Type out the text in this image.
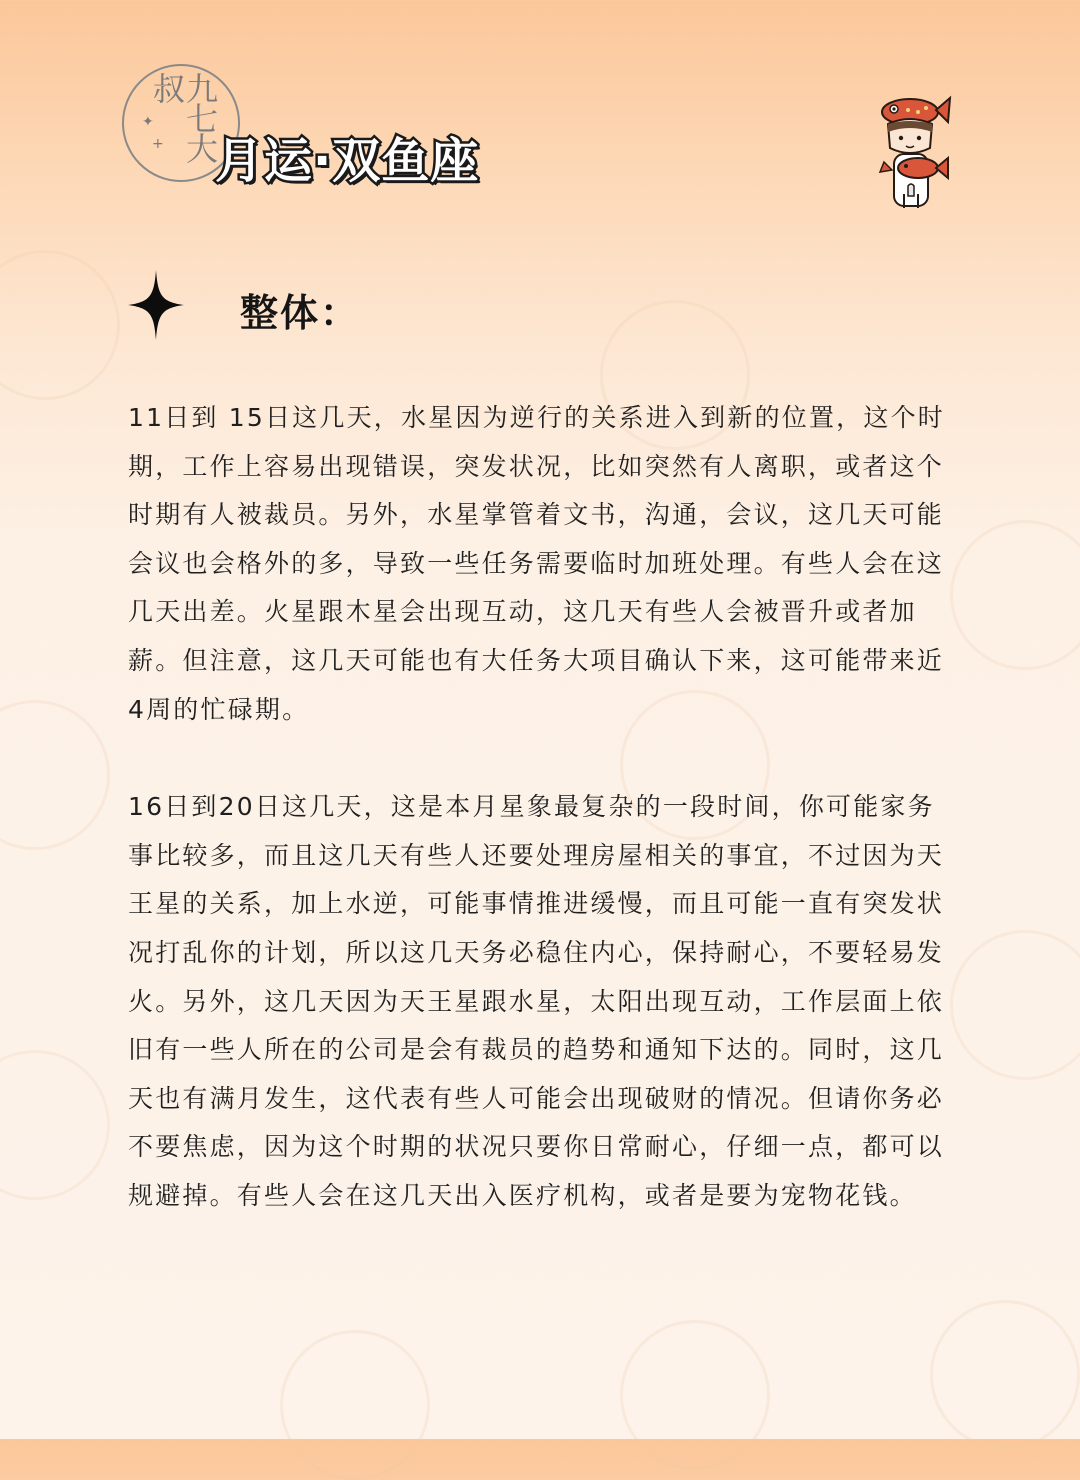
九七大叔
✦
+ 月运·双鱼座
整体：

11日到 15日这几天，水星因为逆行的关系进入到新的位置，这个时期，工作上容易出现错误，突发状况，比如突然有人离职，或者这个时期有人被裁员。另外，水星掌管着文书，沟通，会议，这几天可能会议也会格外的多，导致一些任务需要临时加班处理。有些人会在这几天出差。火星跟木星会出现互动，这几天有些人会被晋升或者加薪。但注意，这几天可能也有大任务大项目确认下来，这可能带来近4周的忙碌期。

16日到20日这几天，这是本月星象最复杂的一段时间，你可能家务事比较多，而且这几天有些人还要处理房屋相关的事宜，不过因为天王星的关系，加上水逆，可能事情推进缓慢，而且可能一直有突发状况打乱你的计划，所以这几天务必稳住内心，保持耐心，不要轻易发火。另外，这几天因为天王星跟水星，太阳出现互动，工作层面上依旧有一些人所在的公司是会有裁员的趋势和通知下达的。同时，这几天也有满月发生，这代表有些人可能会出现破财的情况。但请你务必不要焦虑，因为这个时期的状况只要你日常耐心，仔细一点，都可以规避掉。有些人会在这几天出入医疗机构，或者是要为宠物花钱。
